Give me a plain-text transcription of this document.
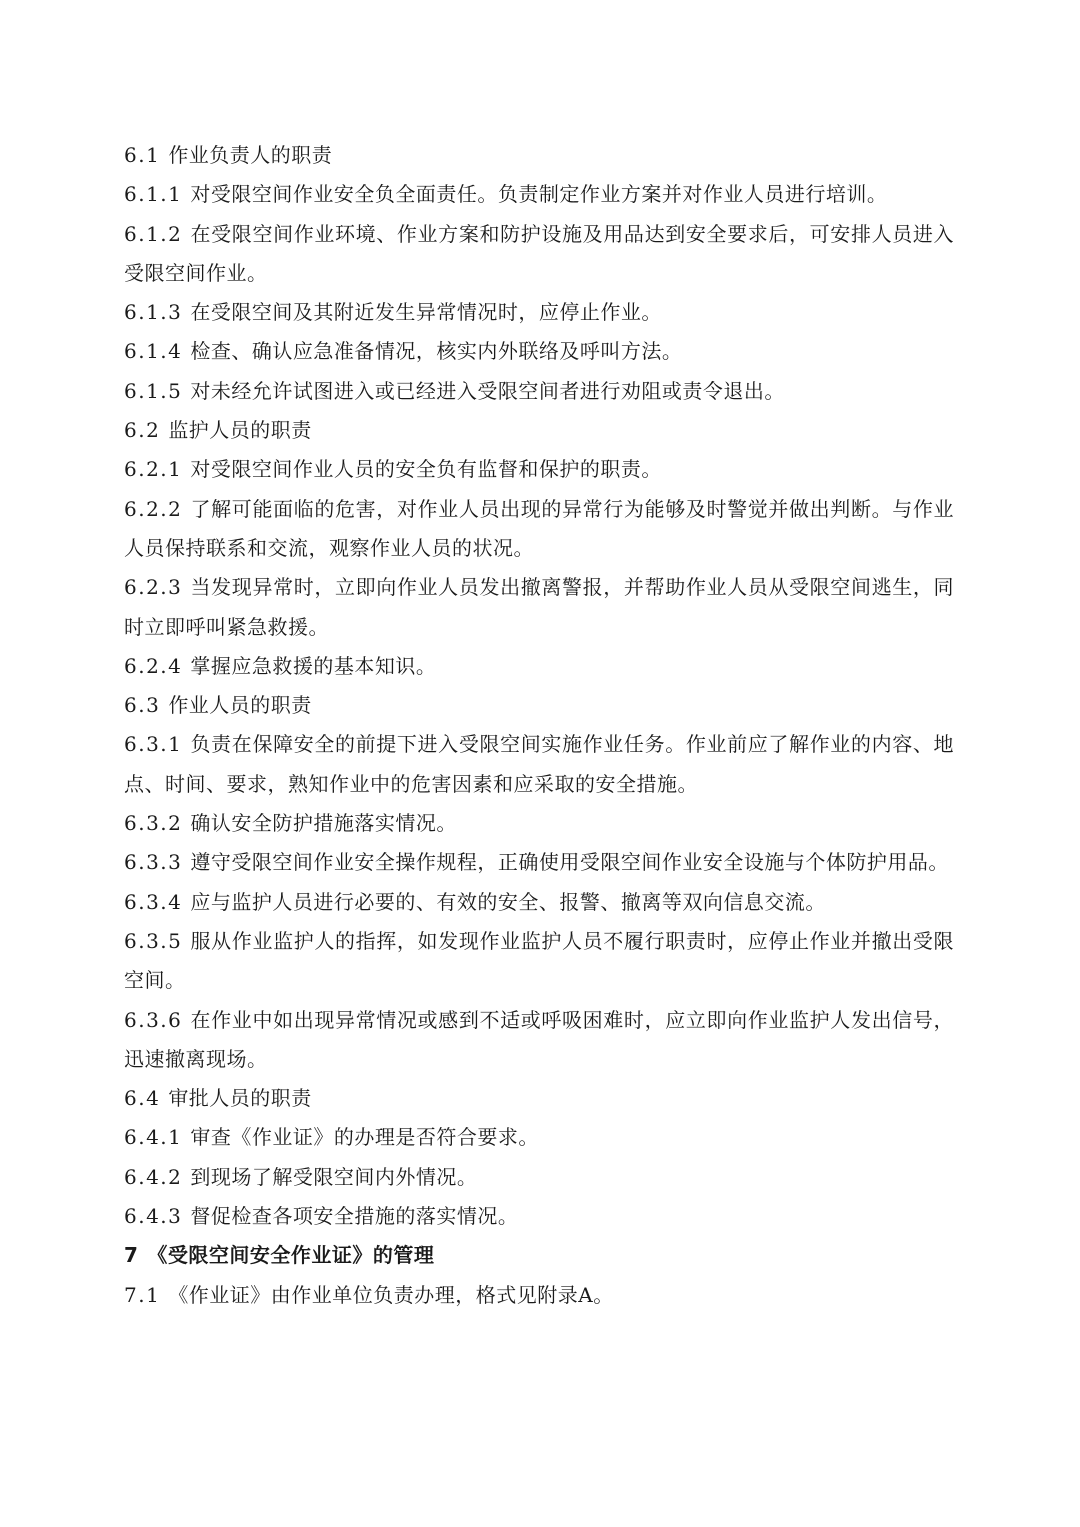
6.1 作业负责人的职责

6.1.1 对受限空间作业安全负全面责任。负责制定作业方案并对作业人员进行培训。

6.1.2 在受限空间作业环境、作业方案和防护设施及用品达到安全要求后，可安排人员进入受限空间作业。

6.1.3 在受限空间及其附近发生异常情况时，应停止作业。

6.1.4 检查、确认应急准备情况，核实内外联络及呼叫方法。

6.1.5 对未经允许试图进入或已经进入受限空间者进行劝阻或责令退出。

6.2 监护人员的职责

6.2.1 对受限空间作业人员的安全负有监督和保护的职责。

6.2.2 了解可能面临的危害，对作业人员出现的异常行为能够及时警觉并做出判断。与作业人员保持联系和交流，观察作业人员的状况。

6.2.3 当发现异常时，立即向作业人员发出撤离警报，并帮助作业人员从受限空间逃生，同时立即呼叫紧急救援。

6.2.4 掌握应急救援的基本知识。

6.3 作业人员的职责

6.3.1 负责在保障安全的前提下进入受限空间实施作业任务。作业前应了解作业的内容、地点、时间、要求，熟知作业中的危害因素和应采取的安全措施。

6.3.2 确认安全防护措施落实情况。

6.3.3 遵守受限空间作业安全操作规程，正确使用受限空间作业安全设施与个体防护用品。

6.3.4 应与监护人员进行必要的、有效的安全、报警、撤离等双向信息交流。

6.3.5 服从作业监护人的指挥，如发现作业监护人员不履行职责时，应停止作业并撤出受限空间。

6.3.6 在作业中如出现异常情况或感到不适或呼吸困难时，应立即向作业监护人发出信号，迅速撤离现场。

6.4 审批人员的职责

6.4.1 审查《作业证》的办理是否符合要求。

6.4.2 到现场了解受限空间内外情况。

6.4.3 督促检查各项安全措施的落实情况。

7 《受限空间安全作业证》的管理

7.1 《作业证》由作业单位负责办理，格式见附录A。
